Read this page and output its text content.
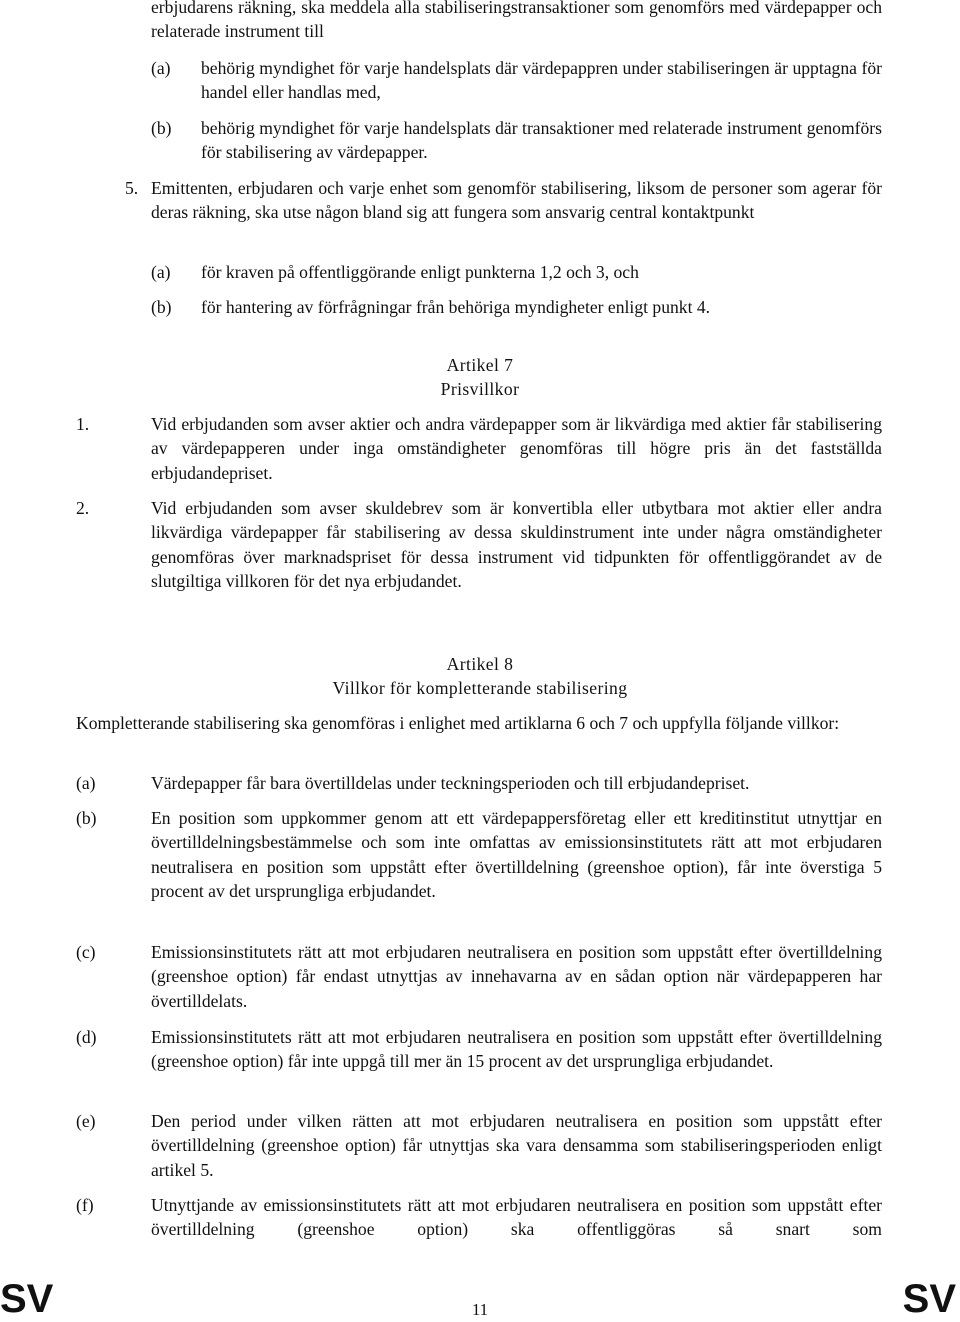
erbjudarens räkning, ska meddela alla stabiliseringstransaktioner som genomförs med värdepapper och relaterade instrument till
(a) behörig myndighet för varje handelsplats där värdepappren under stabiliseringen är upptagna för handel eller handlas med,
(b) behörig myndighet för varje handelsplats där transaktioner med relaterade instrument genomförs för stabilisering av värdepapper.
5. Emittenten, erbjudaren och varje enhet som genomför stabilisering, liksom de personer som agerar för deras räkning, ska utse någon bland sig att fungera som ansvarig central kontaktpunkt
(a) för kraven på offentliggörande enligt punkterna 1,2 och 3, och
(b) för hantering av förfrågningar från behöriga myndigheter enligt punkt 4.
Artikel 7
Prisvillkor
1.	Vid erbjudanden som avser aktier och andra värdepapper som är likvärdiga med aktier får stabilisering av värdepapperen under inga omständigheter genomföras till högre pris än det fastställda erbjudandepriset.
2.	Vid erbjudanden som avser skuldebrev som är konvertibla eller utbytbara mot aktier eller andra likvärdiga värdepapper får stabilisering av dessa skuldinstrument inte under några omständigheter genomföras över marknadspriset för dessa instrument vid tidpunkten för offentliggörandet av de slutgiltiga villkoren för det nya erbjudandet.
Artikel 8
Villkor för kompletterande stabilisering
Kompletterande stabilisering ska genomföras i enlighet med artiklarna 6 och 7 och uppfylla följande villkor:
(a)	Värdepapper får bara övertilldelas under teckningsperioden och till erbjudandepriset.
(b)	En position som uppkommer genom att ett värdepappersföretag eller ett kreditinstitut utnyttjar en övertilldelningsbestämmelse och som inte omfattas av emissionsinstitutets rätt att mot erbjudaren neutralisera en position som uppstått efter övertilldelning (greenshoe option), får inte överstiga 5 procent av det ursprungliga erbjudandet.
(c)	Emissionsinstitutets rätt att mot erbjudaren neutralisera en position som uppstått efter övertilldelning (greenshoe option) får endast utnyttjas av innehavarna av en sådan option när värdepapperen har övertilldelats.
(d)	Emissionsinstitutets rätt att mot erbjudaren neutralisera en position som uppstått efter övertilldelning (greenshoe option) får inte uppgå till mer än 15 procent av det ursprungliga erbjudandet.
(e)	Den period under vilken rätten att mot erbjudaren neutralisera en position som uppstått efter övertilldelning (greenshoe option) får utnyttjas ska vara densamma som stabiliseringsperioden enligt artikel 5.
(f)	Utnyttjande av emissionsinstitutets rätt att mot erbjudaren neutralisera en position som uppstått efter övertilldelning (greenshoe option) ska offentliggöras så snart som
SV	11	SV
